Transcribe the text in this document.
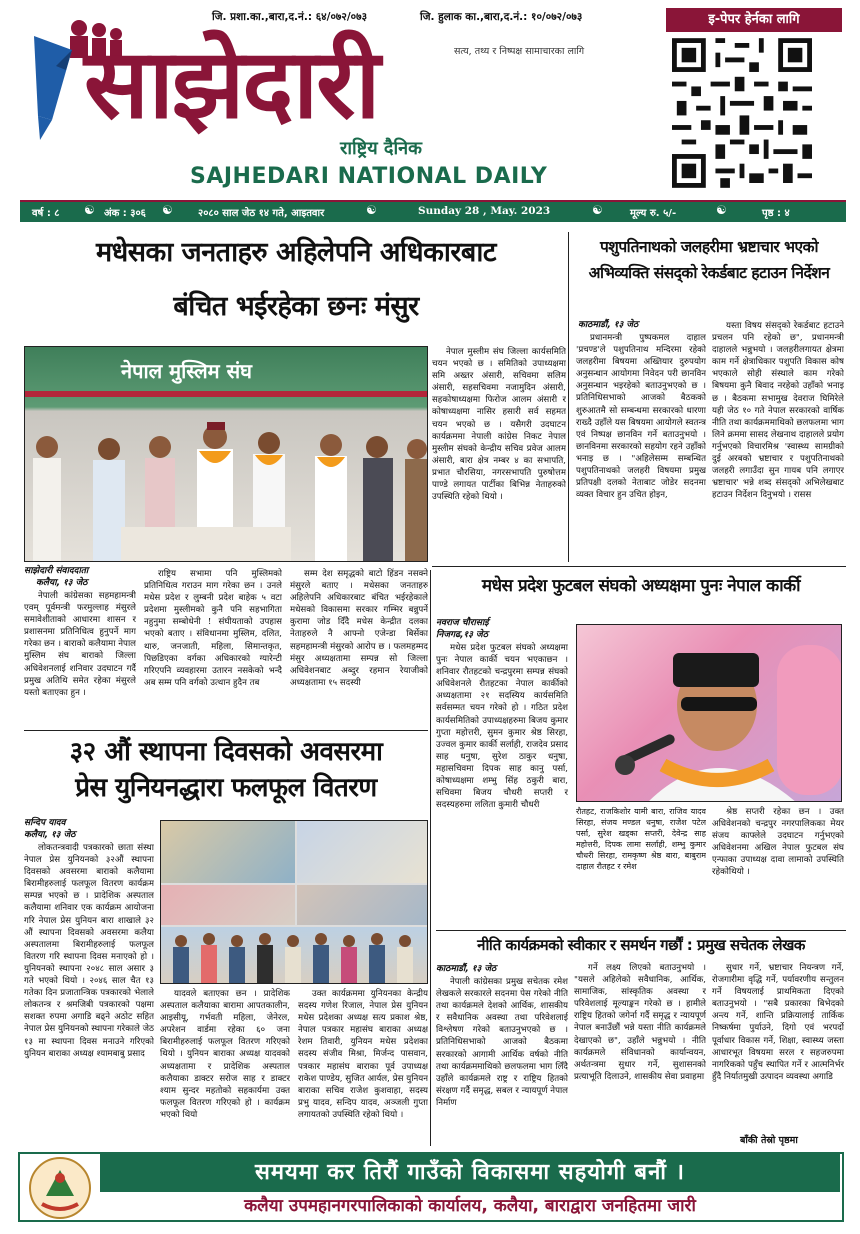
जि. प्रशा.का.,बारा,द.नं.: ६४/०७२/०७३	जि. हुलाक का.,बारा,द.नं.: १०/०७२/०७३	इ-पेपर हेर्नका लागि
साझेदारी	सत्य, तथ्य र निष्पक्ष सामाचारका लागि
राष्ट्रिय दैनिक
SAJHEDARI NATIONAL DAILY
वर्ष : ८ ☯ अंक : ३०६ ☯	२०८० साल जेठ १४ गते, आइतवार	☯	Sunday 28 , May. 2023	☯	मूल्य रु. ५/-	☯	पृष्ठ : ४
मधेसका जनताहरु अहिलेपनि अधिकारबाट
बंचित भईरहेका छनः मंसुर
नेपाल मुस्लिम संघ
साझेदारी संवाददाता
कलैया, १३ जेठ

नेपाली कांग्रेसका सहमहामन्त्री एवम् पूर्वमन्त्री फरमुल्लाह मंसुरले समावेशीताको आधारमा शासन र प्रशासनमा प्रतिनिधित्व हुनुपर्ने माग गरेका छन । बाराको कलैयामा नेपाल मुस्लिम संघ बाराको जिल्ला अधिवेशनलाई शनिवार उदघाटन गर्दै प्रमुख अतिथि समेत रहेका मंसुरले यस्तो बताएका हुन ।

राष्ट्रिय सभामा पनि मुस्लिमको प्रतिनिधित्व गराउन माग गरेका छन । उनले मधेस प्रदेश र लुम्बनी प्रदेश बाहेक ५ वटा प्रदेशमा मुस्लीमको कुनै पनि सहभागिता नहुनुमा सम्बोधेनी ! संघीयताको उपहास भएको बताए । संविधानमा मुस्लिम, दलित, थारु, जनजाती, महिला, सिमान्तकृत, पिछडिएका वर्गका अधिकारको ग्यारेन्टी गरिएपनि व्यवहारमा उतारन नसकेको भन्दै अब सम्म पनि वर्गको उत्थान हुदैन तब

सम्म देश समृद्धको बाटो हिंडन नसक्ने मंसुरले बताए । मधेसका जनताहरु अहिलेपनि अधिकारबाट बंचित भईरहेकाले मधेसको विकासमा सरकार गम्भिर बन्नुपर्ने कुरामा जोड दिँदै मधेस केन्द्रीत दलका नेताहरुले नै आफ्नो एजेन्डा बिर्सेका सहमहामन्त्री मंसुरको आरोप छ । फलमहम्मद मंसुर अध्यक्षतामा सम्पन्न सो जिल्ला अधिवेशनबाट अब्दुर रहमान रेयाजीको अध्यक्षतामा १५ सदस्यी

नेपाल मुस्लीम संघ जिल्ला कार्यसमिति चयन भएको छ । समितिको उपाध्यक्षमा समि अख्तर अंसारी, सचिवमा सलिम अंसारी, सहसचिवमा नजामुदिन अंसारी, सहकोषाध्यक्षमा फिरोज आलम अंसारी र कोषाध्यक्षमा नासिर हसारी सर्व सहमत चयन भएको छ । यसैगरी उदघाटन कार्यक्रममा नेपाली कांग्रेस निकट नेपाल मुस्लीम संघको केन्द्रीय सचिव प्रवेज आलम अंसारी, बारा क्षेत्र नम्बर ४ का सभापति, प्रभात चौरसिया, नगरसभापति पुरुषोत्तम पाण्डे लगायत पार्टीका बिभिन्न नेताहरुको उपस्थिति रहेको थियो ।

पशुपतिनाथको जलहरीमा भ्रष्टाचार भएको
अभिव्यक्ति संसद्को रेकर्डबाट हटाउन निर्देशन
काठमाडौं, १३ जेठ

प्रधानमन्त्री पुष्पकमल दाहाल 'प्रचण्ड'ले पशुपतिनाथ मन्दिरमा रहेको जलहरीमा बिषयमा अख्तियार दुरुपयोग अनुसन्धान आयोगमा निवेदन परी छानविन अनुसन्धान भइरहेको बताउनुभएको छ । प्रतिनिधिसभाको आजको बैठकको शुरुआतमै सो सम्बन्धमा सरकारको धारणा राख्दै उहाँले यस बिषयमा आयोगले स्वतन्त्र एवं निष्पक्ष छानविन गर्ने बताउनुभयो । छानविनमा सरकारको सहयोग रहने उहाँको भनाइ छ । "अहिलेसम्म सम्बन्धित पशुपतिनाथको जलहरी विषयमा प्रमुख प्रतिपक्षी दलको नेताबाट जोडेर सदनमा व्यक्त विचार हुन उचित होइन,

यस्ता विषय संसद्को रेकर्डबाट हटाउने प्रचलन पनि रहेको छ", प्रधानमन्त्री दाहालले भन्नुभयो । जलहरीलगायत क्षेत्रमा काम गर्ने क्षेत्राधिकार पशुपति विकास कोष भएकाले सोही संस्थाले काम गरेको बिषयमा कुनै बिवाद नरहेको उहाँको भनाइ छ । बैठकमा सभामुख देवराज घिमिरेले यही जेठ १० गते नेपाल सरकारको वार्षिक नीति तथा कार्यक्रममाथिको छलफलमा भाग लिने क्रममा सासद लेखनाथ दाहालले प्रयोग गर्नुभएको विचारमिश्र 'स्वास्थ्य सामग्रीको दुई अरबको भ्रष्टाचार र पशुपतिनाथको जलहरी लगाउँदा सुन गायब पनि लगाएर भ्रष्टाचार' भन्ने शब्द संसद्को अभिलेखबाट हटाउन निर्देशन दिनुभयो । रासस

मधेस प्रदेश फुटबल संघको अध्यक्षमा पुनः नेपाल कार्की
नवराज चौरासाई
निजगढ,१३ जेठ

मधेस प्रदेश फुटबल संघको अध्यक्षमा पुनः नेपाल कार्की चयन भएकाछन । शनिवार रौतहटको चन्द्रपुरमा सम्पन्न संघको अधिवेशनले रौतहटका नेपाल कार्कीको अध्यक्षतामा २१ सदस्यिय कार्यसमिति सर्वसम्मत चयन गरेको हो । गठित प्रदेश कार्यसमितिको उपाध्यक्षहरुमा बिजय कुमार गुप्ता महोत्तरी, सुमन कुमार श्रेष्ठ सिरहा, उज्वल कुमार कार्की सर्लाही, राजदेव प्रसाद साह धनुषा, सुरेश ठाकुर धनुषा, महासचिवमा दिपक साह कानु पर्सा, कोषाध्यक्षमा शम्भु सिंह ठकुरी बारा, सचिवमा बिजय चौधरी सप्तरी र सदस्यहरुमा ललिता कुमारी चौधरी

रौतहट, राजकिशोर यामी बारा, राजिव यादव सिरहा, संजय मण्डल धनुषा, राजेश पटेल पर्सा, सुरेश खड्का सप्तरी, देवेन्द्र साह महोत्तरी, दिपक लामा सर्लाही, शम्भु कुमार चौधरी सिरहा, रामकृष्ण श्रेष्ठ बारा, बाबुराम दाहाल रौतहट र रमेश

श्रेष्ठ सप्तरी रहेका छन । उक्त अधिवेशनको चन्द्रपुर नगरपालिकका मेयर संजय काफ्लेले उदघाटन गर्नुभएको अधिवेशनमा अखिल नेपाल फुटबल संघ एन्फाका उपाध्यक्ष दावा लामाको उपस्थिति रहेकोथियो ।

३२ औं स्थापना दिवसको अवसरमा
प्रेस युनियनद्धारा फलफूल वितरण
सन्दिप यादव
कलैया, १३ जेठ

लोकतन्त्रवादी पत्रकारको छाता संस्था नेपाल प्रेस युनियनको ३२औं स्थापना दिवसको अवसरमा बाराको कलैयामा बिरामीहरुलाई फलफूल वितरण कार्यक्रम सम्पन्न भएको छ । प्रादेशिक अस्पताल कलैयामा शनिवार एक कार्यक्रम आयोजना गरि नेपाल प्रेस युनियन बारा शाखाले ३२ औं स्थापना दिवसको अवसरमा कलैया अस्पतालमा बिरामीहरुलाई फलफूल वितरण गरि स्थापना दिवस मनाएको हो । युनियनको स्थापना २०४८ साल असार ३ गते भएको थियो । २०४६ साल चैत १३ गतेका दिन प्रजातान्त्रिक पत्रकारको भेलाले लोकतन्त्र र श्रमजिबी पत्रकारको पक्षमा सशक्त रुपमा अगाडि बढ्ने अठोट सहित नेपाल प्रेस युनियनको स्थापना गरेकाले जेठ १३ मा स्थापना दिवस मनाउने गरिएको युनियन बाराका अध्यक्ष श्यामबाबु प्रसाद

यादवले बताएका छन । प्रादेशिक अस्पताल कलैयाका बारामा आपतकालीन, आइसीयू, गर्भवती महिला, जेनेरल, अपरेशन वार्डमा रहेका ६० जना बिरामीहरुलाई फलफूल वितरण गरिएको थियो । युनियन बाराका अध्यक्ष यादवको अध्यक्षतामा र प्रादेशिक अस्पताल कलैयाका डाक्टर सरोज साह र डाक्टर श्याम सुन्दर महतोको सहकार्यमा उक्त फलफूल वितरण गरिएको हो । कार्यक्रम भएको थियो

उक्त कार्यक्रममा युनियनका केन्द्रीय सदस्य गणेश रिजाल, नेपाल प्रेस युनियन मधेस प्रदेशका अध्यक्ष सत्य प्रकाश श्रेष्ठ, नेपाल पत्रकार महासंघ बाराका अध्यक्ष रेशम तिवारी, युनियन मधेस प्रदेशका सदस्य संजीव मिश्रा, मिर्जन्द पासवान, पत्रकार महासंघ बाराका पूर्व उपाध्यक्ष राकेश पाण्डेय, सुजित आर्यल, प्रेस युनियन बाराका सचिव राजेश कुशवाहा, सदस्य प्रभु यादव, सन्दिप यादव, अञ्जली गुप्ता लगायतको उपस्थिति रहेको थियो ।

नीति कार्यक्रमको स्वीकार र समर्थन गर्छौं : प्रमुख सचेतक लेखक
काठमाडौं, १३ जेठ

नेपाली कांग्रेसका प्रमुख सचेतक रमेश लेखकले सरकारले सदनमा पेस गरेको नीति तथा कार्यक्रमले देशको आर्थिक, शासकीय र सवैधानिक अवस्था तथा परिवेशलाई विश्लेषण गरेको बताउनुभएको छ । प्रतिनिधिसभाको आजको बैठकमा सरकारको आगामी आर्थिक वर्षको नीति तथा कार्यक्रममाथिको छलफलमा भाग लिँदै उहाँले कार्यक्रमले राष्ट्र र राष्ट्रिय हितको संरक्षण गर्दै समृद्ध, सबल र न्यायपूर्ण नेपाल निर्माण

गर्ने लक्ष्य लिएको बताउनुभयो । "यसले अहिलेको सवैधानिक, आर्थिक, सामाजिक, सांस्कृतिक अवस्था र परिवेशलाई मूल्याङ्कन गरेको छ । हामीले राष्ट्रिय हितको जगेर्ना गर्दै समृद्ध र न्यायपूर्ण नेपाल बनाउँछौं भन्ने यस्ता नीति कार्यक्रमले देखाएको छ", उहाँले भन्नुभयो । नीति कार्यक्रमले संविधानको कार्यान्वयन, अर्थतन्त्रमा सुधार गर्ने, सुशासनको प्रत्याभूति दिलाउने, शासकीय सेवा प्रवाहमा

सुधार गर्ने, भ्रष्टाचार नियन्त्रण गर्ने, रोजगारीमा वृद्धि गर्ने, पर्यावरणीय सन्तुलन गर्ने विषयलाई प्राथमिकता दिएको बताउनुभयो । "सबै प्रकारका बिभेदको अन्त्य गर्ने, शान्ति प्रक्रियालाई तार्किक निष्कर्षमा पुर्याउने, दिगो एवं भरपर्दो पूर्वाधार विकास गर्ने, शिक्षा, स्वास्थ्य जस्ता आधारभूत विषयमा सरल र सहजरुपमा नागरिकको पहुँच स्थापित गर्ने र आत्मनिर्भर हुँदै निर्यातमुखी उत्पादन व्यवस्था अगाडि

बाँकी तेस्रो पृष्ठमा
समयमा कर तिरौं गाउँको विकासमा सहयोगी बनौं ।
कलैया उपमहानगरपालिकाको कार्यालय, कलैया, बाराद्वारा जनहितमा जारी
